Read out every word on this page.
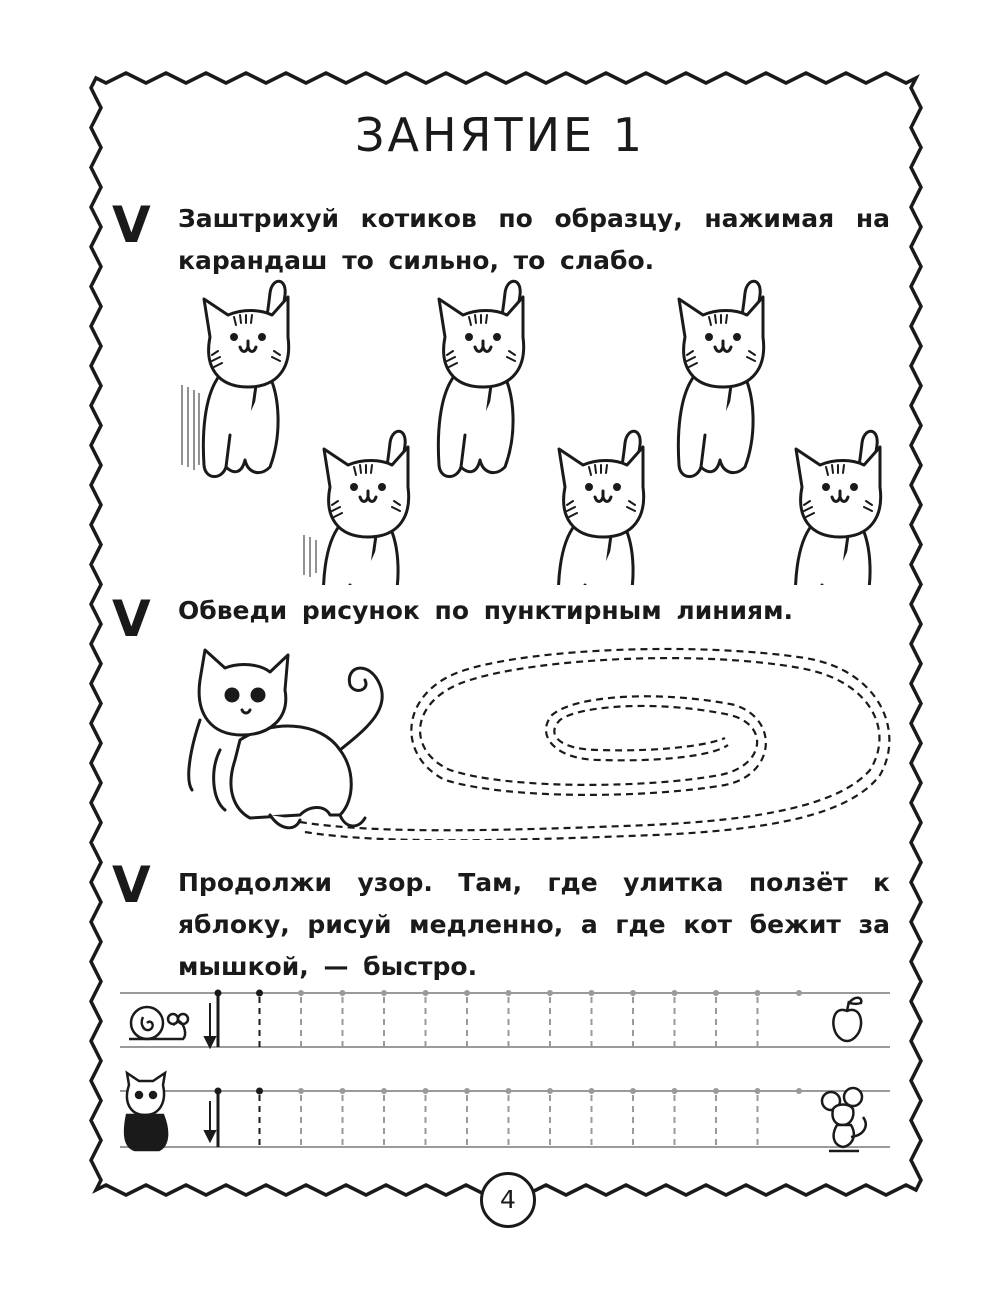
ЗАНЯТИЕ 1
V Заштрихуй котиков по образцу, нажимая на карандаш то сильно, то слабо.
V Обведи рисунок по пунктирным линиям.
V Продолжи узор. Там, где улитка ползёт к яблоку, рисуй медленно, а где кот бежит за мышкой, — быстро.
4
